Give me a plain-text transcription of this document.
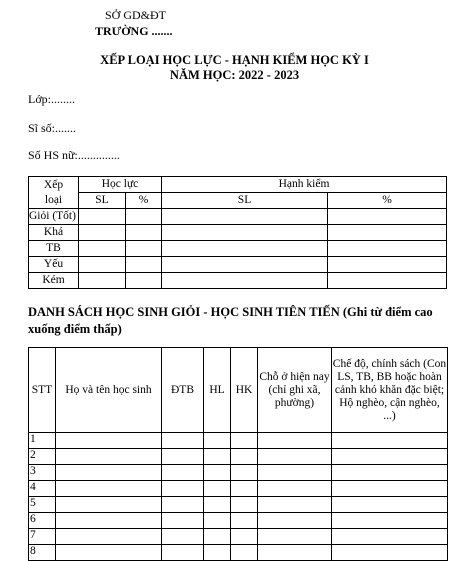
SỞ GD&ĐT
TRƯỜNG .......
XẾP LOẠI HỌC LỰC - HẠNH KIỂM HỌC KỲ I
NĂM HỌC: 2022 - 2023
Lớp:........
Sĩ số:.......
Số HS nữ:..............
Xếp
loại	Học lực		Hạnh kiểm	
	SL	%	SL	%
Giỏi (Tốt)				
Khá				
TB				
Yếu				
Kém				
DANH SÁCH HỌC SINH GIỎI - HỌC SINH TIÊN TIẾN (Ghi từ điểm cao xuống điểm thấp)
STT	Họ và tên học sinh	ĐTB	HL	HK	Chỗ ở hiện nay (chỉ ghi xã, phường)	Chế độ, chính sách (Con LS, TB, BB hoặc hoàn cảnh khó khăn đặc biệt; Hộ nghèo, cận nghèo, ...)
1						
2						
3						
4						
5						
6						
7						
8						
